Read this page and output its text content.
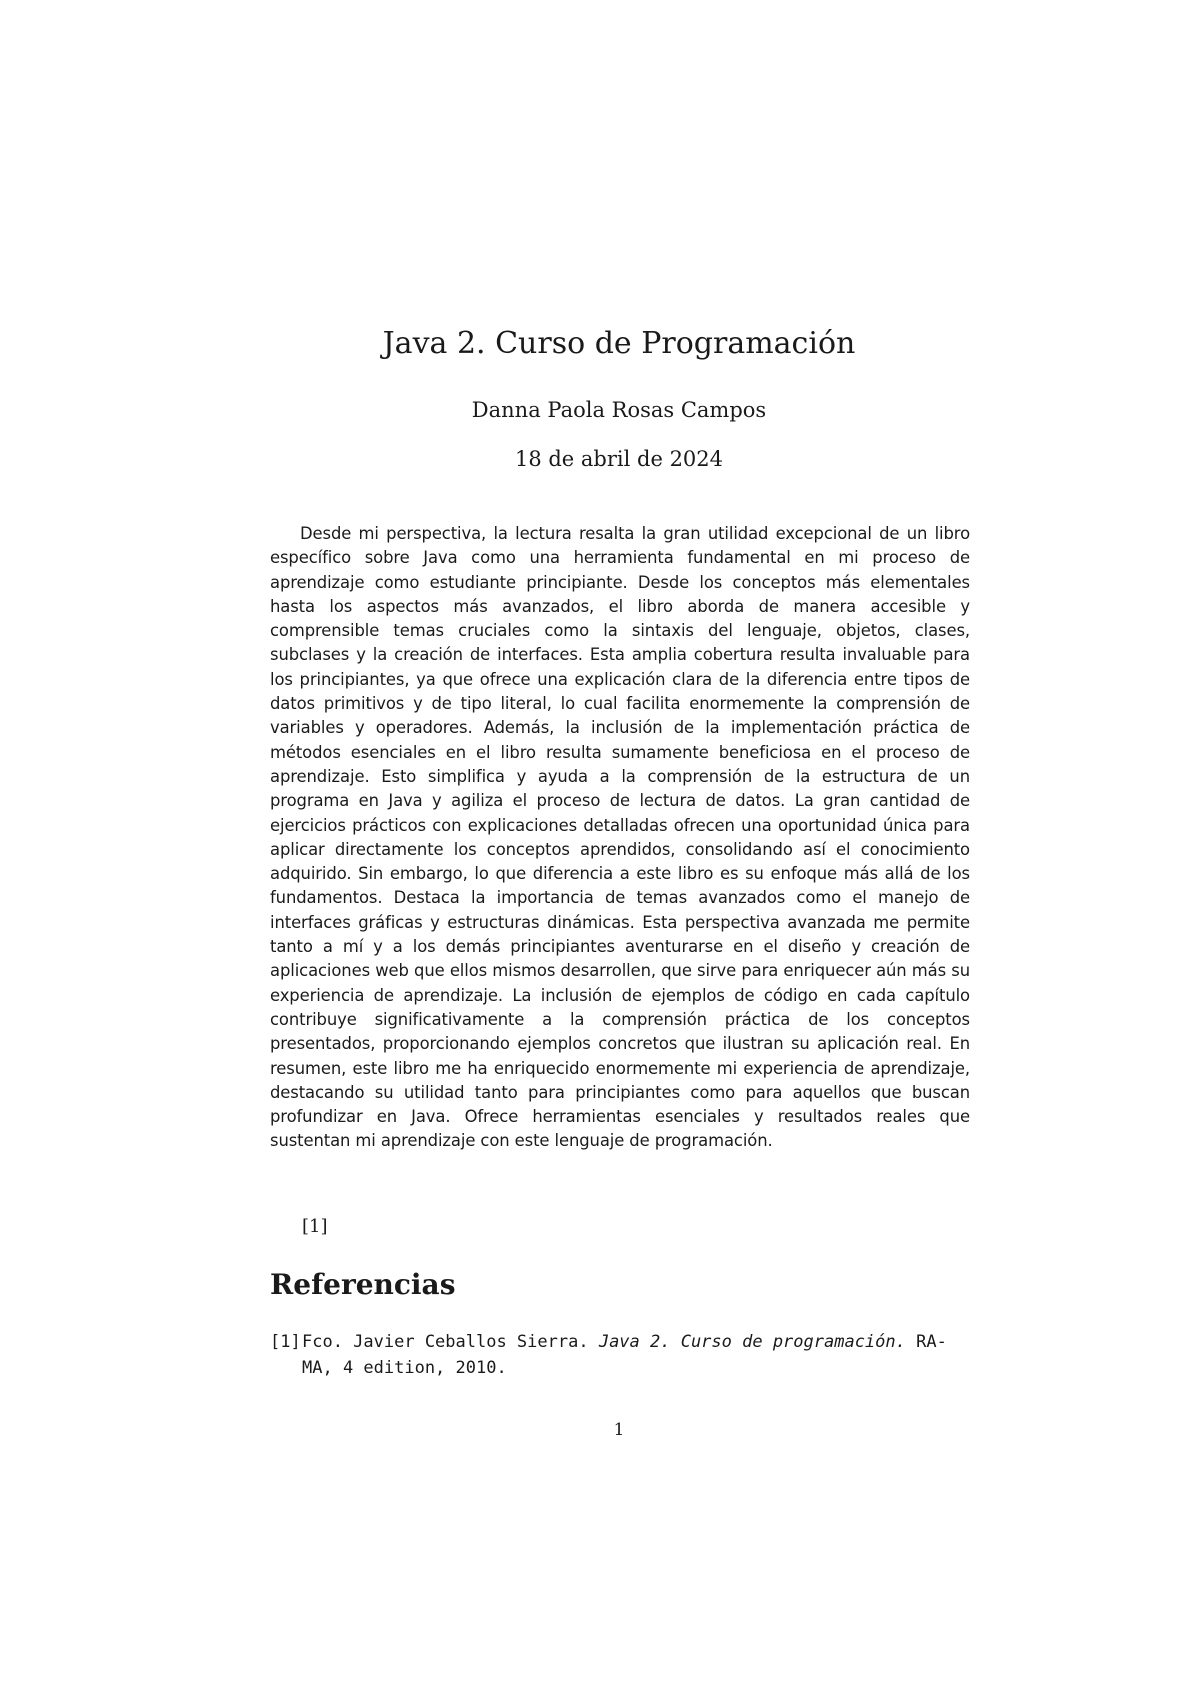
Java 2. Curso de Programación
Danna Paola Rosas Campos
18 de abril de 2024

Desde mi perspectiva, la lectura resalta la gran utilidad excepcional de un libro específico sobre Java como una herramienta fundamental en mi proceso de aprendizaje como estudiante principiante. Desde los conceptos más elementales hasta los aspectos más avanzados, el libro aborda de manera accesible y comprensible temas cruciales como la sintaxis del lenguaje, objetos, clases, subclases y la creación de interfaces. Esta amplia cobertura resulta invaluable para los principiantes, ya que ofrece una explicación clara de la diferencia entre tipos de datos primitivos y de tipo literal, lo cual facilita enormemente la comprensión de variables y operadores. Además, la inclusión de la implementación práctica de métodos esenciales en el libro resulta sumamente beneficiosa en el proceso de aprendizaje. Esto simplifica y ayuda a la comprensión de la estructura de un programa en Java y agiliza el proceso de lectura de datos. La gran cantidad de ejercicios prácticos con explicaciones detalladas ofrecen una oportunidad única para aplicar directamente los conceptos aprendidos, consolidando así el conocimiento adquirido. Sin embargo, lo que diferencia a este libro es su enfoque más allá de los fundamentos. Destaca la importancia de temas avanzados como el manejo de interfaces gráficas y estructuras dinámicas. Esta perspectiva avanzada me permite tanto a mí y a los demás principiantes aventurarse en el diseño y creación de aplicaciones web que ellos mismos desarrollen, que sirve para enriquecer aún más su experiencia de aprendizaje. La inclusión de ejemplos de código en cada capítulo contribuye significativamente a la comprensión práctica de los conceptos presentados, proporcionando ejemplos concretos que ilustran su aplicación real. En resumen, este libro me ha enriquecido enormemente mi experiencia de aprendizaje, destacando su utilidad tanto para principiantes como para aquellos que buscan profundizar en Java. Ofrece herramientas esenciales y resultados reales que sustentan mi aprendizaje con este lenguaje de programación.

[1]
Referencias
[1] Fco. Javier Ceballos Sierra. Java 2. Curso de programación. RA-MA, 4 edition, 2010.
1
